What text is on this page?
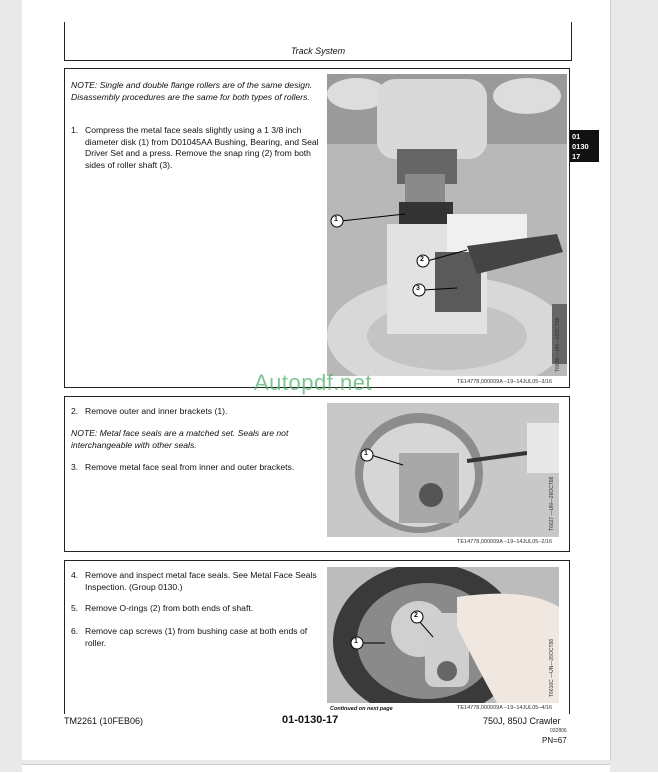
Track System
01
0130
17
NOTE: Single and double flange rollers are of the same design. Disassembly procedures are the same for both types of rollers.
1. Compress the metal face seals slightly using a 1 3/8 inch diameter disk (1) from D01045AA Bushing, Bearing, and Seal Driver Set and a press. Remove the snap ring (2) from both sides of roller shaft (3).
1
2
3
T6628 —UN—26OCT88
TE14778,000009A –19–14JUL05–3/16
2. Remove outer and inner brackets (1).
NOTE: Metal face seals are a matched set. Seals are not interchangeable with other seals.
3. Remove metal face seal from inner and outer brackets.
1
T6627 —UN—26OCT88
TE14778,000009A –19–14JUL05–2/16
4. Remove and inspect metal face seals. See Metal Face Seals Inspection. (Group 0130.)
5. Remove O-rings (2) from both ends of shaft.
6. Remove cap screws (1) from bushing case at both ends of roller.	1
2
T6616C —UN—26OCT88
TE14778,000009A –19–14JUL05–4/16
Continued on next page
Autopdf.net
TM2261 (10FEB06)	01-0130-17	750J, 850J Crawler
032806
PN=67
